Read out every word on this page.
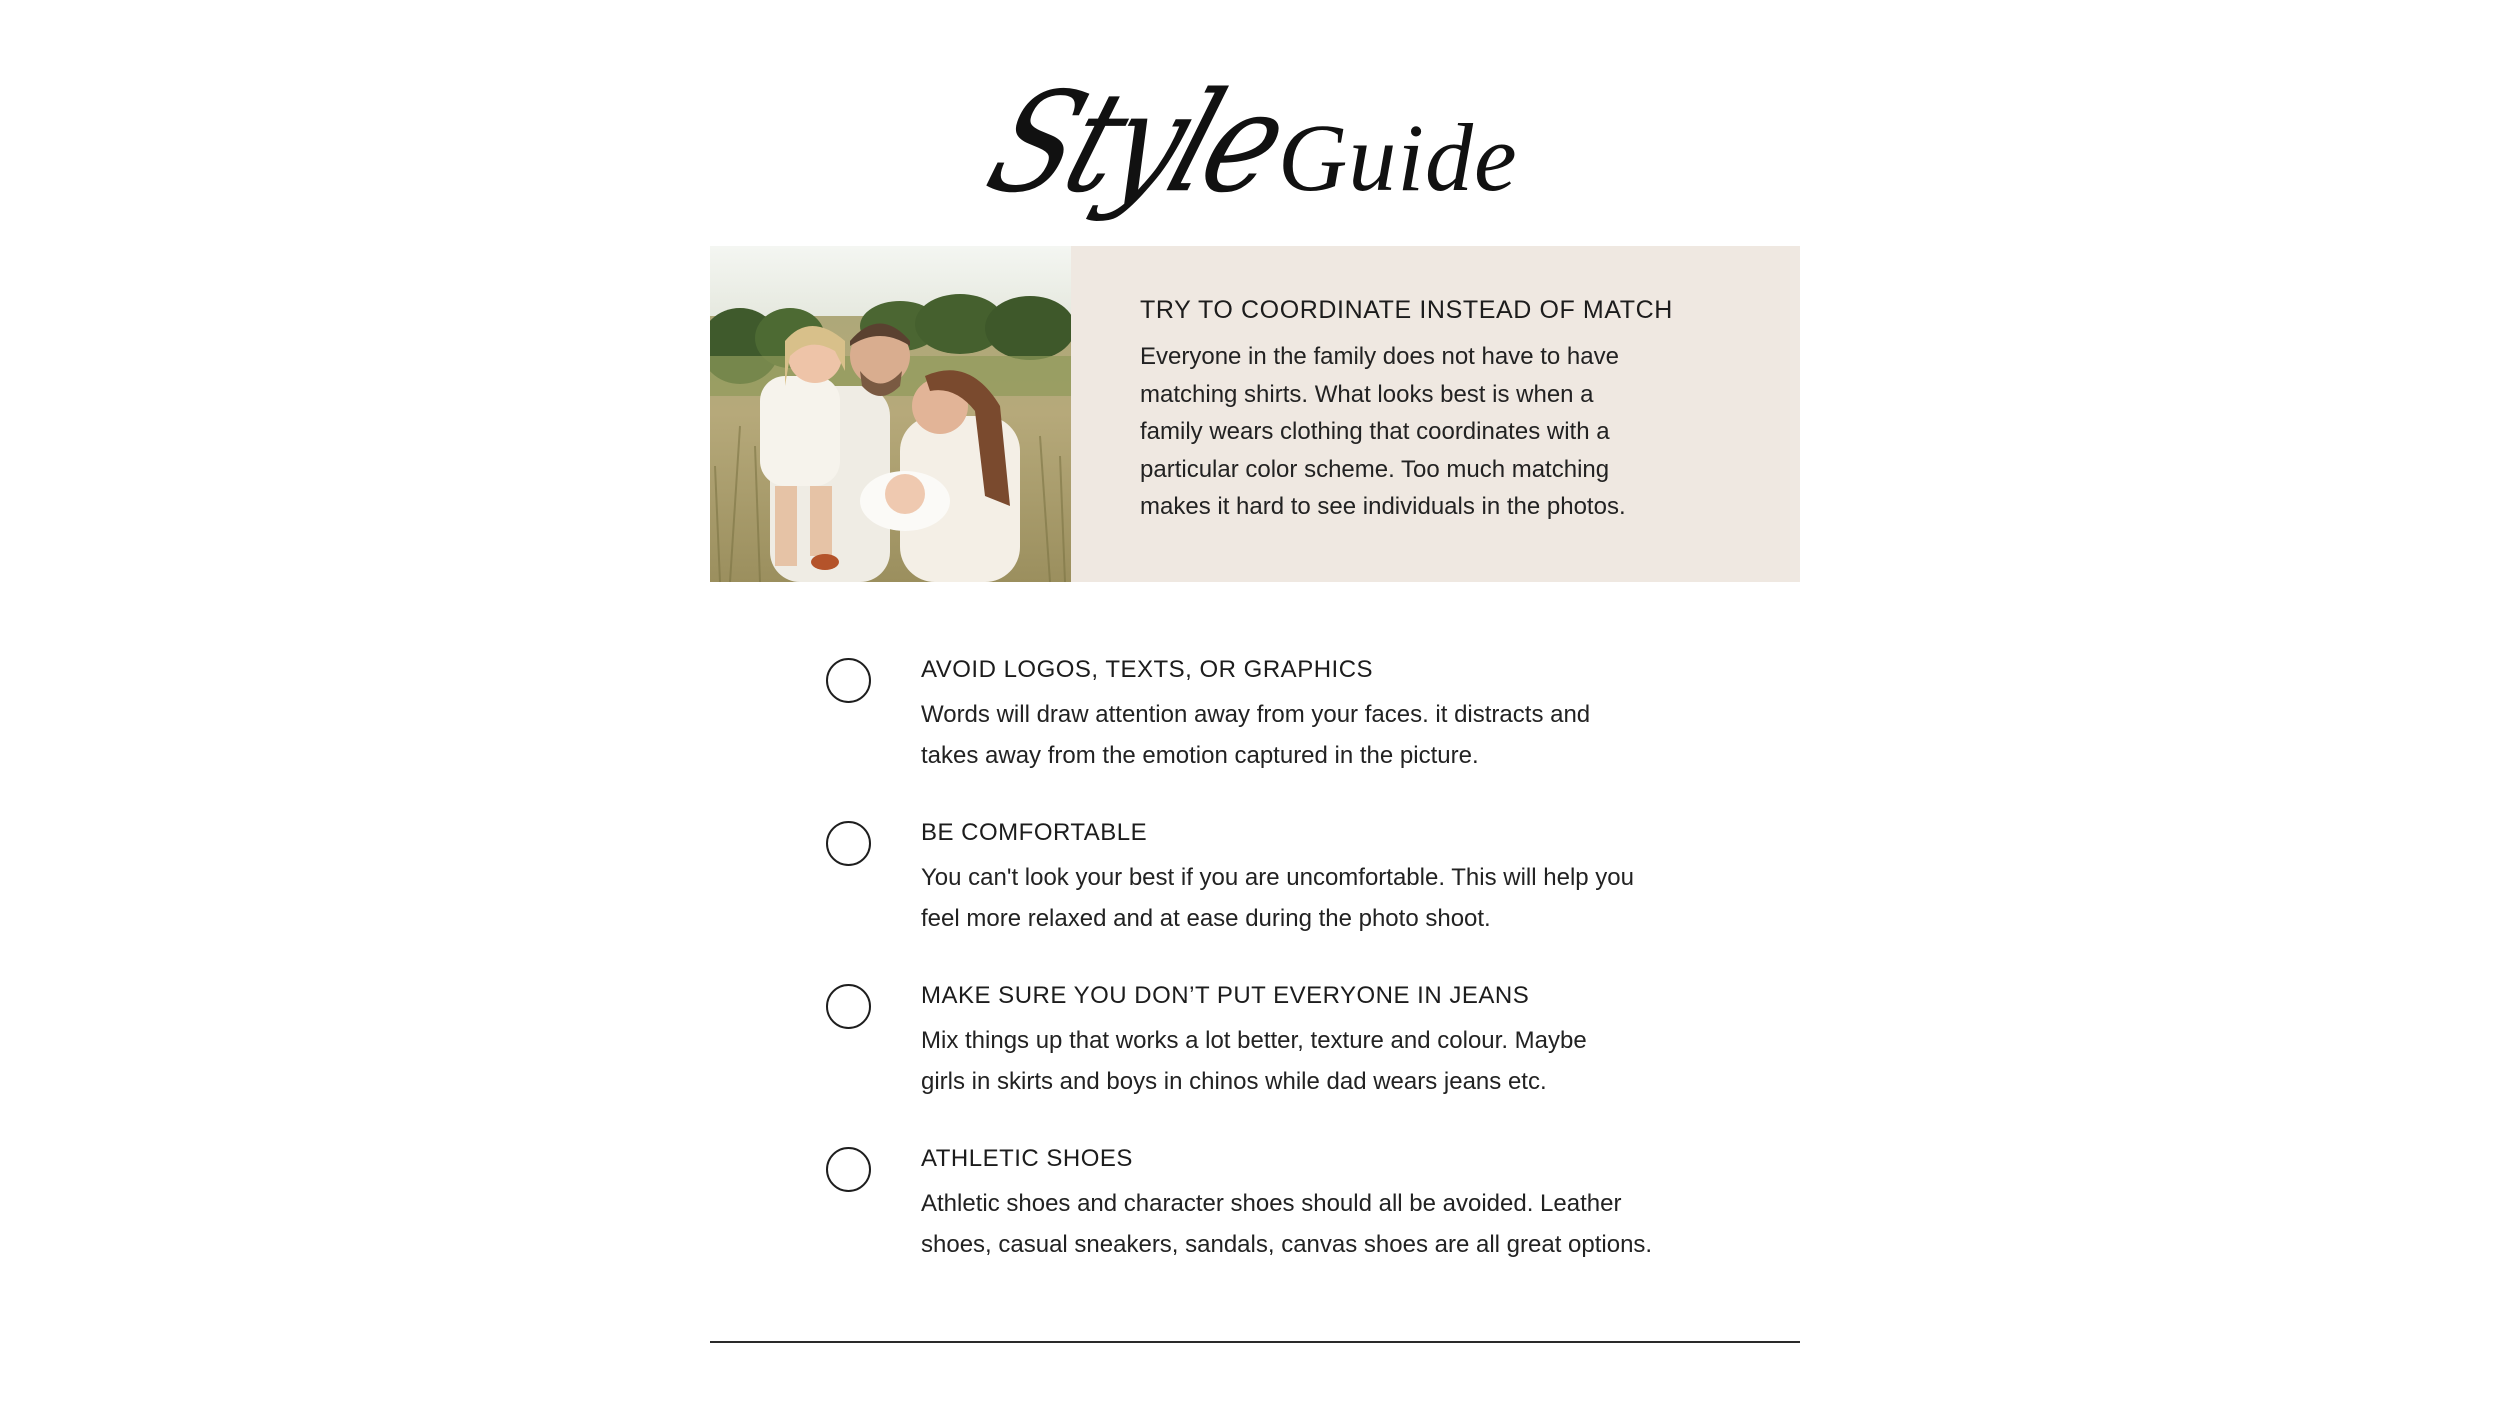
StyleGuide
TRY TO COORDINATE INSTEAD OF MATCH

Everyone in the family does not have to have
matching shirts. What looks best is when a
family wears clothing that coordinates with a
particular color scheme. Too much matching
makes it hard to see individuals in the photos.

AVOID LOGOS, TEXTS, OR GRAPHICS

Words will draw attention away from your faces. it distracts and
takes away from the emotion captured in the picture.

BE COMFORTABLE

You can't look your best if you are uncomfortable. This will help you
feel more relaxed and at ease during the photo shoot.

MAKE SURE YOU DON’T PUT EVERYONE IN JEANS

Mix things up that works a lot better, texture and colour. Maybe
girls in skirts and boys in chinos while dad wears jeans etc.

ATHLETIC SHOES

Athletic shoes and character shoes should all be avoided. Leather
shoes, casual sneakers, sandals, canvas shoes are all great options.
